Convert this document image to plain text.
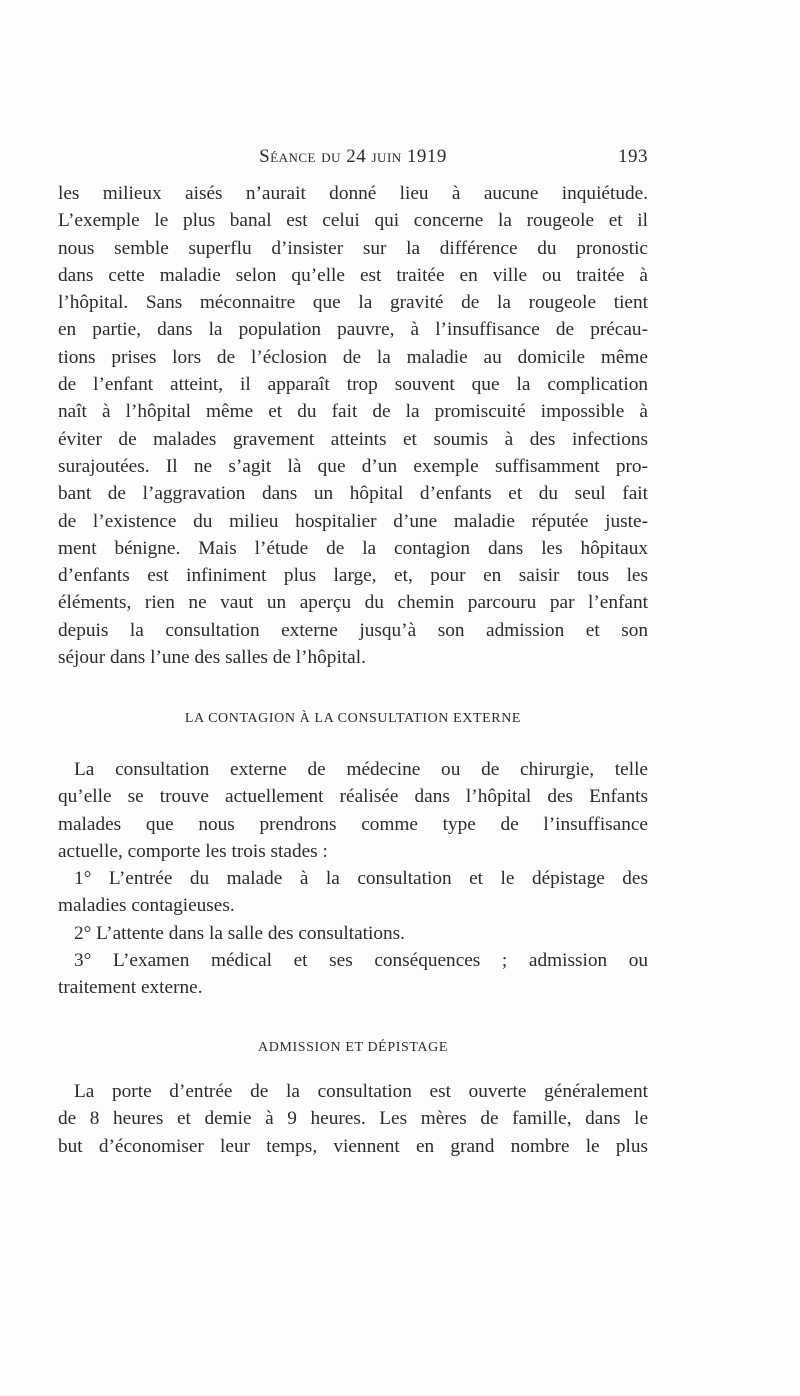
Séance du 24 juin 1919	193
les milieux aisés n’aurait donné lieu à aucune inquiétude.
L’exemple le plus banal est celui qui concerne la rougeole et il
nous semble superflu d’insister sur la différence du pronostic
dans cette maladie selon qu’elle est traitée en ville ou traitée à
l’hôpital. Sans méconnaitre que la gravité de la rougeole tient
en partie, dans la population pauvre, à l’insuffisance de précau-
tions prises lors de l’éclosion de la maladie au domicile même
de l’enfant atteint, il apparaît trop souvent que la complication
naît à l’hôpital même et du fait de la promiscuité impossible à
éviter de malades gravement atteints et soumis à des infections
surajoutées. Il ne s’agit là que d’un exemple suffisamment pro-
bant de l’aggravation dans un hôpital d’enfants et du seul fait
de l’existence du milieu hospitalier d’une maladie réputée juste-
ment bénigne. Mais l’étude de la contagion dans les hôpitaux
d’enfants est infiniment plus large, et, pour en saisir tous les
éléments, rien ne vaut un aperçu du chemin parcouru par l’enfant
depuis la consultation externe jusqu’à son admission et son
séjour dans l’une des salles de l’hôpital.
LA CONTAGION À LA CONSULTATION EXTERNE
La consultation externe de médecine ou de chirurgie, telle
qu’elle se trouve actuellement réalisée dans l’hôpital des Enfants
malades que nous prendrons comme type de l’insuffisance
actuelle, comporte les trois stades :
1° L’entrée du malade à la consultation et le dépistage des
maladies contagieuses.
2° L’attente dans la salle des consultations.
3° L’examen médical et ses conséquences ; admission ou
traitement externe.
ADMISSION ET DÉPISTAGE
La porte d’entrée de la consultation est ouverte généralement
de 8 heures et demie à 9 heures. Les mères de famille, dans le
but d’économiser leur temps, viennent en grand nombre le plus
